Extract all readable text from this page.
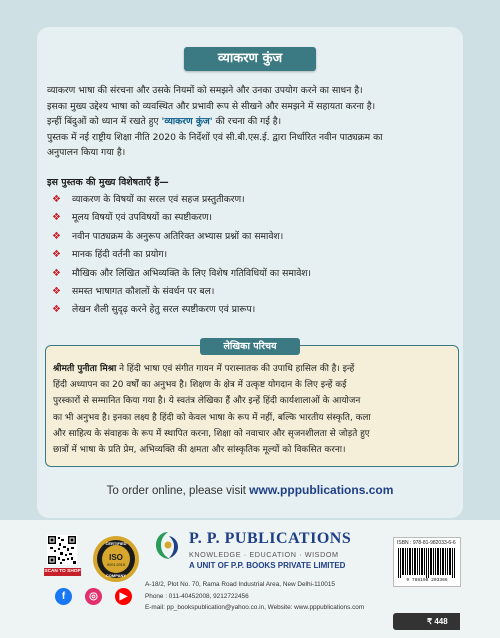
व्याकरण कुंज

व्याकरण भाषा की संरचना और उसके नियमों को समझने और उनका उपयोग करने का साधन है।

इसका मुख्य उद्देश्य भाषा को व्यवस्थित और प्रभावी रूप से सीखने और समझने में सहायता करना है।

इन्हीं बिंदुओं को ध्यान में रखते हुए 'व्याकरण कुंज' की रचना की गई है।

पुस्तक में नई राष्ट्रीय शिक्षा नीति 2020 के निर्देशों एवं सी.बी.एस.ई. द्वारा निर्धारित नवीन पाठ्यक्रम का

अनुपालन किया गया है।

इस पुस्तक की मुख्य विशेषताएँ हैं—
❖ व्याकरण के विषयों का सरल एवं सहज प्रस्तुतीकरण।
❖ मूलय विषयों एवं उपविषयों का स्पष्टीकरण।
❖ नवीन पाठ्यक्रम के अनुरूप अतिरिक्त अभ्यास प्रश्नों का समावेश।
❖ मानक हिंदी वर्तनी का प्रयोग।
❖ मौखिक और लिखित अभिव्यक्ति के लिए विशेष गतिविधियों का समावेश।
❖ समस्त भाषागत कौशलों के संवर्धन पर बल।
❖ लेखन शैली सुदृढ़ करने हेतु सरल स्पष्टीकरण एवं प्रारूप।
लेखिका परिचय

श्रीमती पुनीता मिश्रा ने हिंदी भाषा एवं संगीत गायन में परास्नातक की उपाधि हासिल की है। इन्हें

हिंदी अध्यापन का 20 वर्षों का अनुभव है। शिक्षण के क्षेत्र में उत्कृष्ट योगदान के लिए इन्हें कई

पुरस्कारों से सम्मानित किया गया है। ये स्वतंत्र लेखिका हैं और इन्हें हिंदी कार्यशालाओं के आयोजन

का भी अनुभव है। इनका लक्ष्य है हिंदी को केवल भाषा के रूप में नहीं, बल्कि भारतीय संस्कृति, कला

और साहित्य के संवाहक के रूप में स्थापित करना, शिक्षा को नवाचार और सृजनशीलता से जोड़ते हुए

छात्रों में भाषा के प्रति प्रेम, अभिव्यक्ति की क्षमता और सांस्कृतिक मूल्यों को विकसित करना।

To order online, please visit www.pppublications.com
SCAN TO SHOP
CERTIFIED
ISO
9001:2015
COMPANY
f	◎	▶
P. P. PUBLICATIONS
KNOWLEDGE · EDUCATION · WISDOM
A UNIT OF P.P. BOOKS PRIVATE LIMITED

A-18/2, Plot No. 70, Rama Road Industrial Area, New Delhi-110015

Phone : 011-40452008, 9212722456

E-mail: pp_bookspublication@yahoo.co.in, Website: www.pppublications.com

ISBN : 978-81-982033-6-6
9 788198 203366
₹ 448
